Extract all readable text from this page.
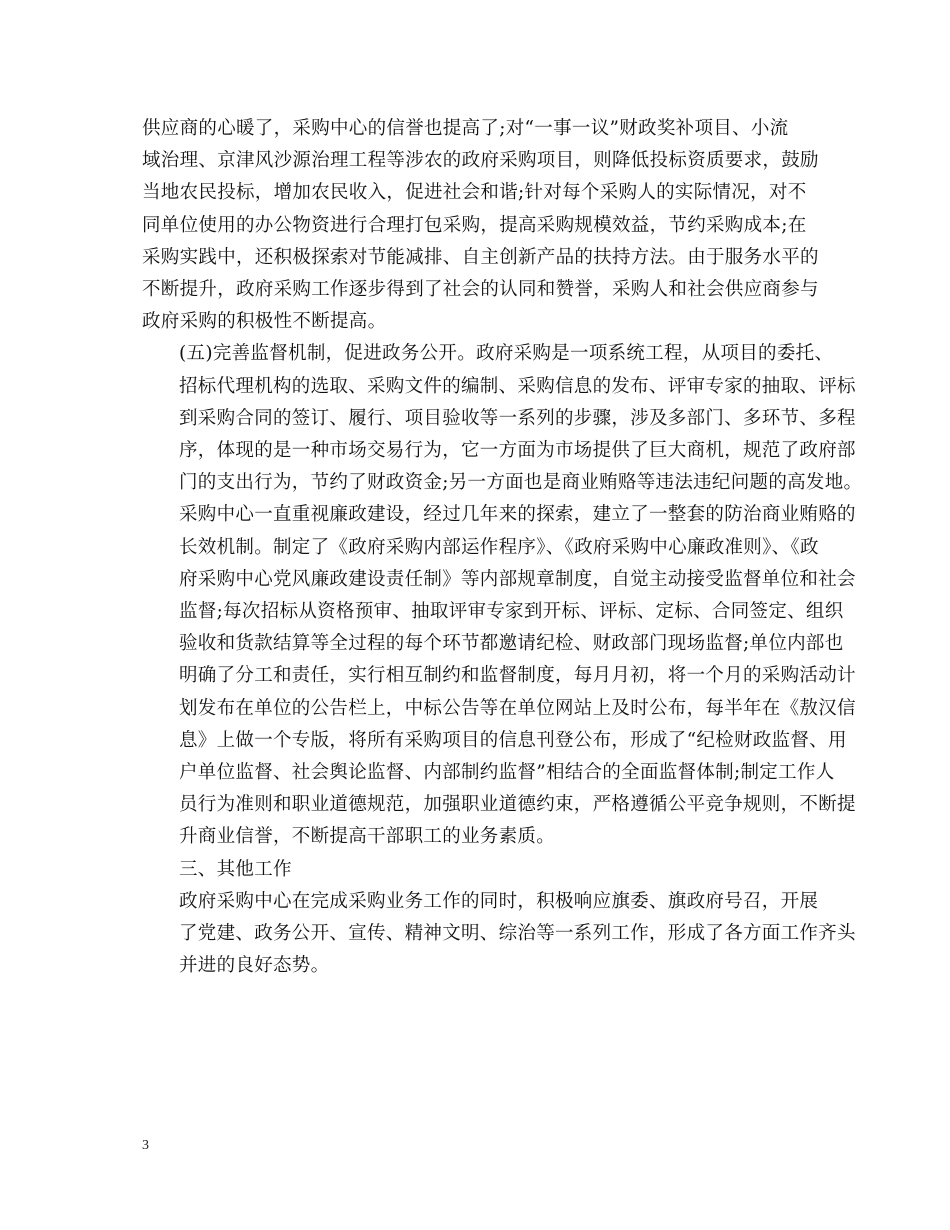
供应商的心暖了，采购中心的信誉也提高了;对“一事一议”财政奖补项目、小流
域治理、京津风沙源治理工程等涉农的政府采购项目，则降低投标资质要求，鼓励
当地农民投标，增加农民收入，促进社会和谐;针对每个采购人的实际情况，对不
同单位使用的办公物资进行合理打包采购，提高采购规模效益，节约采购成本;在
采购实践中，还积极探索对节能减排、自主创新产品的扶持方法。由于服务水平的
不断提升，政府采购工作逐步得到了社会的认同和赞誉，采购人和社会供应商参与
政府采购的积极性不断提高。

(五)完善监督机制，促进政务公开。政府采购是一项系统工程，从项目的委托、
招标代理机构的选取、采购文件的编制、采购信息的发布、评审专家的抽取、评标
到采购合同的签订、履行、项目验收等一系列的步骤，涉及多部门、多环节、多程
序，体现的是一种市场交易行为，它一方面为市场提供了巨大商机，规范了政府部
门的支出行为，节约了财政资金;另一方面也是商业贿赂等违法违纪问题的高发地。
采购中心一直重视廉政建设，经过几年来的探索，建立了一整套的防治商业贿赂的
长效机制。制定了《政府采购内部运作程序》、《政府采购中心廉政准则》、《政
府采购中心党风廉政建设责任制》等内部规章制度，自觉主动接受监督单位和社会
监督;每次招标从资格预审、抽取评审专家到开标、评标、定标、合同签定、组织
验收和货款结算等全过程的每个环节都邀请纪检、财政部门现场监督;单位内部也
明确了分工和责任，实行相互制约和监督制度，每月月初，将一个月的采购活动计
划发布在单位的公告栏上，中标公告等在单位网站上及时公布，每半年在《敖汉信
息》上做一个专版，将所有采购项目的信息刊登公布，形成了“纪检财政监督、用
户单位监督、社会舆论监督、内部制约监督”相结合的全面监督体制;制定工作人
员行为准则和职业道德规范，加强职业道德约束，严格遵循公平竞争规则，不断提
升商业信誉，不断提高干部职工的业务素质。

三、其他工作

政府采购中心在完成采购业务工作的同时，积极响应旗委、旗政府号召，开展
了党建、政务公开、宣传、精神文明、综治等一系列工作，形成了各方面工作齐头
并进的良好态势。

3
